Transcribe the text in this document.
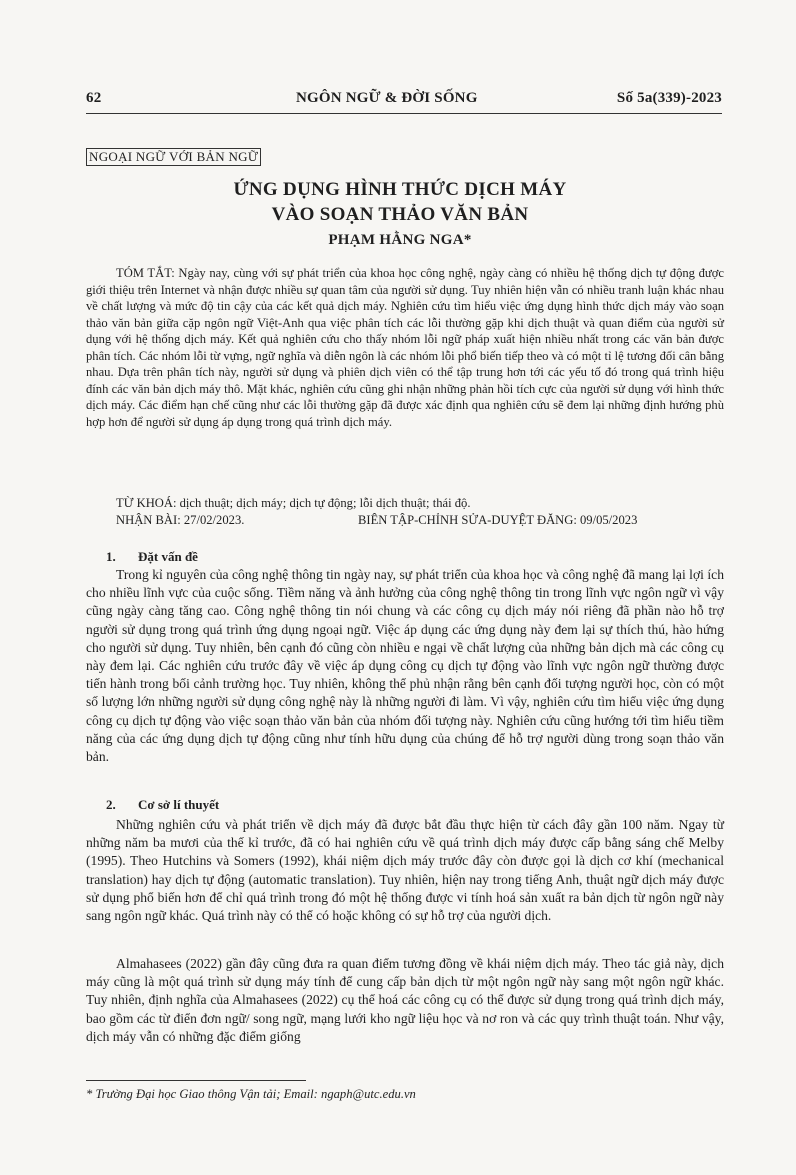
62	NGÔN NGỮ & ĐỜI SỐNG	Số 5a(339)-2023
NGOẠI NGỮ VỚI BẢN NGỮ
ỨNG DỤNG HÌNH THỨC DỊCH MÁY
VÀO SOẠN THẢO VĂN BẢN
PHẠM HẰNG NGA*

TÓM TẮT: Ngày nay, cùng với sự phát triển của khoa học công nghệ, ngày càng có nhiều hệ thống dịch tự động được giới thiệu trên Internet và nhận được nhiều sự quan tâm của người sử dụng. Tuy nhiên hiện vẫn có nhiều tranh luận khác nhau về chất lượng và mức độ tin cậy của các kết quả dịch máy. Nghiên cứu tìm hiểu việc ứng dụng hình thức dịch máy vào soạn thảo văn bản giữa cặp ngôn ngữ Việt-Anh qua việc phân tích các lỗi thường gặp khi dịch thuật và quan điểm của người sử dụng với hệ thống dịch máy. Kết quả nghiên cứu cho thấy nhóm lỗi ngữ pháp xuất hiện nhiều nhất trong các văn bản được phân tích. Các nhóm lỗi từ vựng, ngữ nghĩa và diễn ngôn là các nhóm lỗi phổ biến tiếp theo và có một tỉ lệ tương đối cân bằng nhau. Dựa trên phân tích này, người sử dụng và phiên dịch viên có thể tập trung hơn tới các yếu tố đó trong quá trình hiệu đính các văn bản dịch máy thô. Mặt khác, nghiên cứu cũng ghi nhận những phản hồi tích cực của người sử dụng với hình thức dịch máy. Các điểm hạn chế cũng như các lỗi thường gặp đã được xác định qua nghiên cứu sẽ đem lại những định hướng phù hợp hơn để người sử dụng áp dụng trong quá trình dịch máy.

TỪ KHOÁ: dịch thuật; dịch máy; dịch tự động; lỗi dịch thuật; thái độ.

NHẬN BÀI: 27/02/2023.	BIÊN TẬP-CHỈNH SỬA-DUYỆT ĐĂNG: 09/05/2023

1. Đặt vấn đề

Trong kỉ nguyên của công nghệ thông tin ngày nay, sự phát triển của khoa học và công nghệ đã mang lại lợi ích cho nhiều lĩnh vực của cuộc sống. Tiềm năng và ảnh hưởng của công nghệ thông tin trong lĩnh vực ngôn ngữ vì vậy cũng ngày càng tăng cao. Công nghệ thông tin nói chung và các công cụ dịch máy nói riêng đã phần nào hỗ trợ người sử dụng trong quá trình ứng dụng ngoại ngữ. Việc áp dụng các ứng dụng này đem lại sự thích thú, hào hứng cho người sử dụng. Tuy nhiên, bên cạnh đó cũng còn nhiều e ngại về chất lượng của những bản dịch mà các công cụ này đem lại. Các nghiên cứu trước đây về việc áp dụng công cụ dịch tự động vào lĩnh vực ngôn ngữ thường được tiến hành trong bối cảnh trường học. Tuy nhiên, không thể phủ nhận rằng bên cạnh đối tượng người học, còn có một số lượng lớn những người sử dụng công nghệ này là những người đi làm. Vì vậy, nghiên cứu tìm hiểu việc ứng dụng công cụ dịch tự động vào việc soạn thảo văn bản của nhóm đối tượng này. Nghiên cứu cũng hướng tới tìm hiểu tiềm năng của các ứng dụng dịch tự động cũng như tính hữu dụng của chúng để hỗ trợ người dùng trong soạn thảo văn bản.

2. Cơ sở lí thuyết

Những nghiên cứu và phát triển về dịch máy đã được bắt đầu thực hiện từ cách đây gần 100 năm. Ngay từ những năm ba mươi của thế kỉ trước, đã có hai nghiên cứu về quá trình dịch máy được cấp bằng sáng chế Melby (1995). Theo Hutchins và Somers (1992), khái niệm dịch máy trước đây còn được gọi là dịch cơ khí (mechanical translation) hay dịch tự động (automatic translation). Tuy nhiên, hiện nay trong tiếng Anh, thuật ngữ dịch máy được sử dụng phổ biến hơn để chỉ quá trình trong đó một hệ thống được vi tính hoá sản xuất ra bản dịch từ ngôn ngữ này sang ngôn ngữ khác. Quá trình này có thể có hoặc không có sự hỗ trợ của người dịch.

Almahasees (2022) gần đây cũng đưa ra quan điểm tương đồng về khái niệm dịch máy. Theo tác giả này, dịch máy cũng là một quá trình sử dụng máy tính để cung cấp bản dịch từ một ngôn ngữ này sang một ngôn ngữ khác. Tuy nhiên, định nghĩa của Almahasees (2022) cụ thể hoá các công cụ có thể được sử dụng trong quá trình dịch máy, bao gồm các từ điển đơn ngữ/ song ngữ, mạng lưới kho ngữ liệu học và nơ ron và các quy trình thuật toán. Như vậy, dịch máy vẫn có những đặc điểm giống

* Trường Đại học Giao thông Vận tải; Email: ngaph@utc.edu.vn
